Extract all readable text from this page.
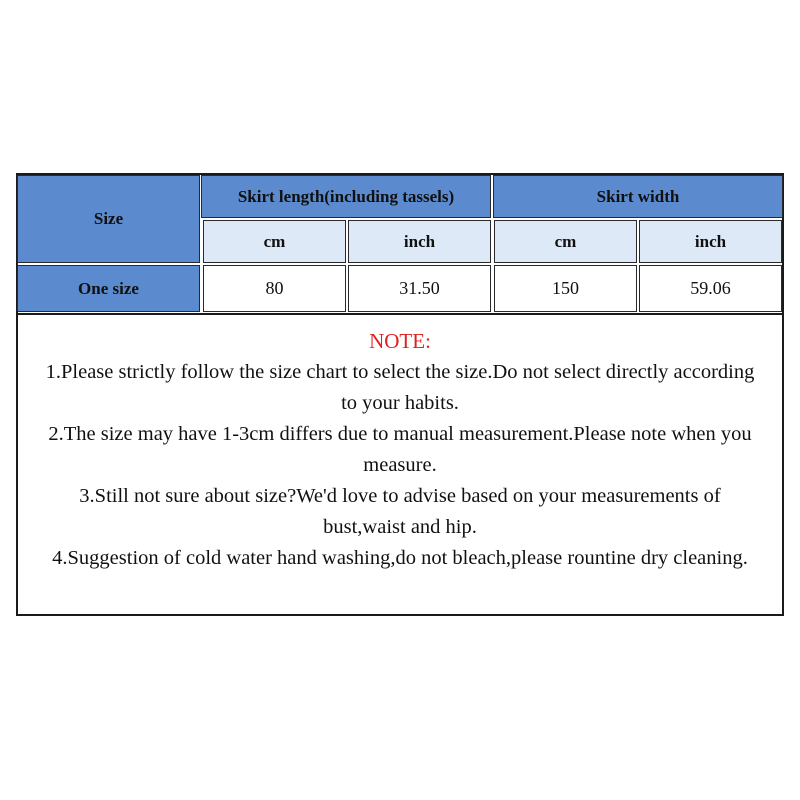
Size
Skirt length(including tassels)	Skirt width
cm	inch	cm	inch
One size	80	31.50	150	59.06
NOTE:

1.Please strictly follow the size chart to select the size.Do not select directly according to your habits.

2.The size may have 1-3cm differs due to manual measurement.Please note when you measure.

3.Still not sure about size?We'd love to advise based on your measurements of bust,waist and hip.

4.Suggestion of cold water hand washing,do not bleach,please rountine dry cleaning.
